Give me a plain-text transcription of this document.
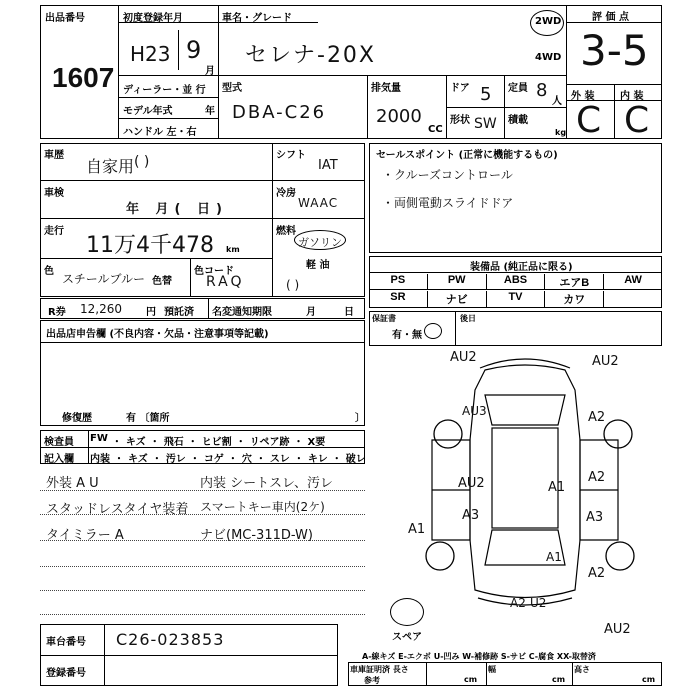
出品番号
1607
初度登録年月
H23 9
月
車名・グレード
セレナ-20X
2WD
4WD
評 価 点
3-5
ディーラー・並 行
モデル年式	年
ハンドル 左・右
型式
DBA-C26
排気量
2000
CC
ドア 5
形状 SW
定員 8
人
積載
kg
外 装	内 装
C C
車歴
自家用 ( )
車検
年 月( 日)
走行
11万4千478 km
色
スチールブルー 色替
色コード
RAQ	( )
シフト
IAT
冷房
WAAC
燃料
ガソリン
軽 油
R券 12,260 円 預託済 名変通知期限	月	日
出品店申告欄 (不良内容・欠品・注意事項等記載)
修復歴	有 〔箇所	〕
検査員
記入欄
FW ・ キズ ・ 飛石 ・ ヒビ割 ・ リペア跡 ・ X要
内装 ・ キズ ・ 汚レ ・ コゲ ・ 穴 ・ スレ ・ キレ ・ 破レ
外装 A U	内装 シートスレ、汚レ
スタッドレスタイヤ装着 スマートキー車内(2ケ)
タイミラー A	ナビ(MC-311D-W)
車台番号 C26-023853
登録番号
セールスポイント (正常に機能するもの)
・クルーズコントロール
・両側電動スライドドア
装備品 (純正品に限る)
PS	PW	ABS	エアB	AW
SR	ナビ	TV	カワ
保証書
有・無
後日
AU2	AU2
AU3	A2
AU2	A1
A2
A3	A3
A1
A2
A2 U2
AU2
A1
スペア
A-線キズ E-エクボ U-凹み W-補修跡 S-サビ C-腐食 XX-取替済
車庫証明済 長さ	幅	高さ
参考	cm	cm	cm
